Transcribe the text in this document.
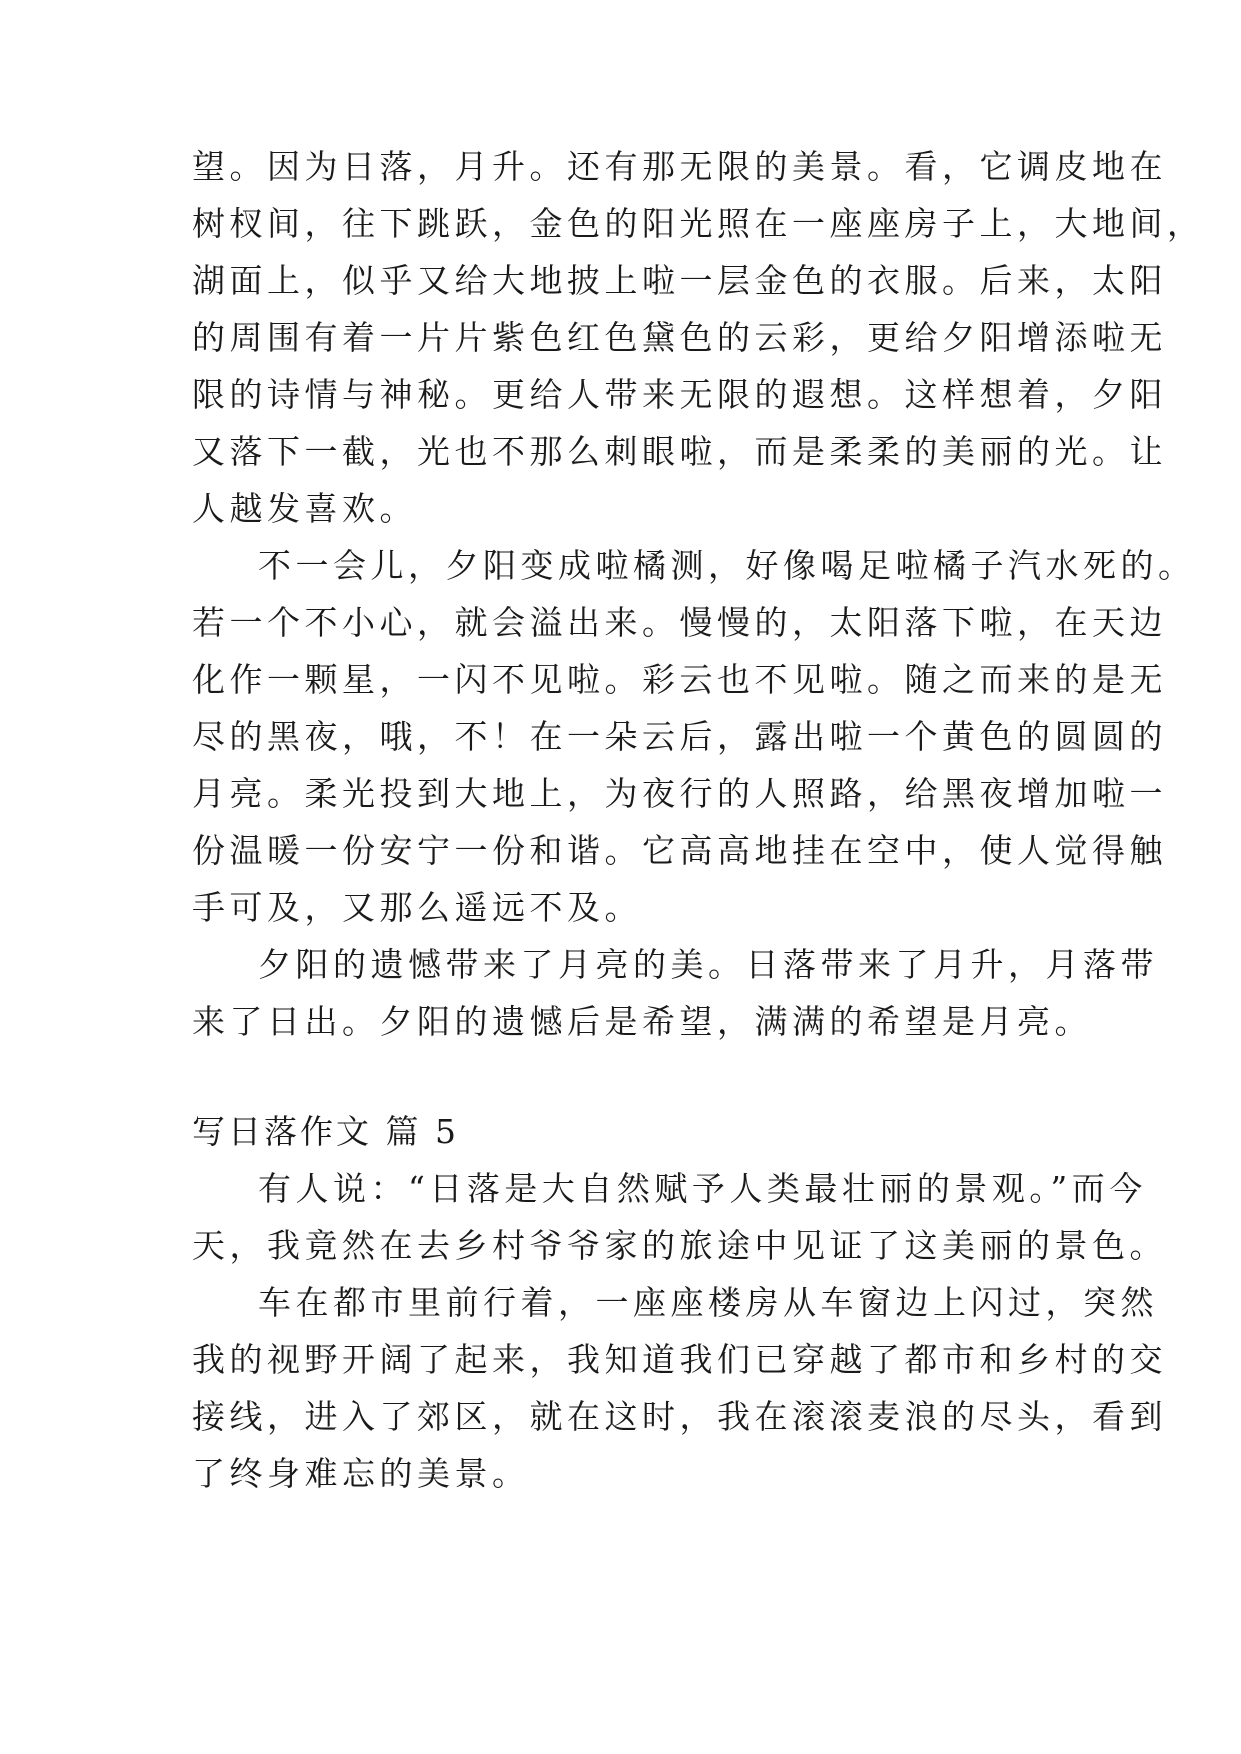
望。因为日落，月升。还有那无限的美景。看，它调皮地在
树杈间，往下跳跃，金色的阳光照在一座座房子上，大地间，
湖面上，似乎又给大地披上啦一层金色的衣服。后来，太阳
的周围有着一片片紫色红色黛色的云彩，更给夕阳增添啦无
限的诗情与神秘。更给人带来无限的遐想。这样想着，夕阳
又落下一截，光也不那么刺眼啦，而是柔柔的美丽的光。让
人越发喜欢。
不一会儿，夕阳变成啦橘测，好像喝足啦橘子汽水死的。
若一个不小心，就会溢出来。慢慢的，太阳落下啦，在天边
化作一颗星，一闪不见啦。彩云也不见啦。随之而来的是无
尽的黑夜，哦，不！在一朵云后，露出啦一个黄色的圆圆的
月亮。柔光投到大地上，为夜行的人照路，给黑夜增加啦一
份温暖一份安宁一份和谐。它高高地挂在空中，使人觉得触
手可及，又那么遥远不及。
夕阳的遗憾带来了月亮的美。日落带来了月升，月落带
来了日出。夕阳的遗憾后是希望，满满的希望是月亮。
写日落作文 篇 5
有人说：“日落是大自然赋予人类最壮丽的景观。”而今
天，我竟然在去乡村爷爷家的旅途中见证了这美丽的景色。
车在都市里前行着，一座座楼房从车窗边上闪过，突然
我的视野开阔了起来，我知道我们已穿越了都市和乡村的交
接线，进入了郊区，就在这时，我在滚滚麦浪的尽头，看到
了终身难忘的美景。
